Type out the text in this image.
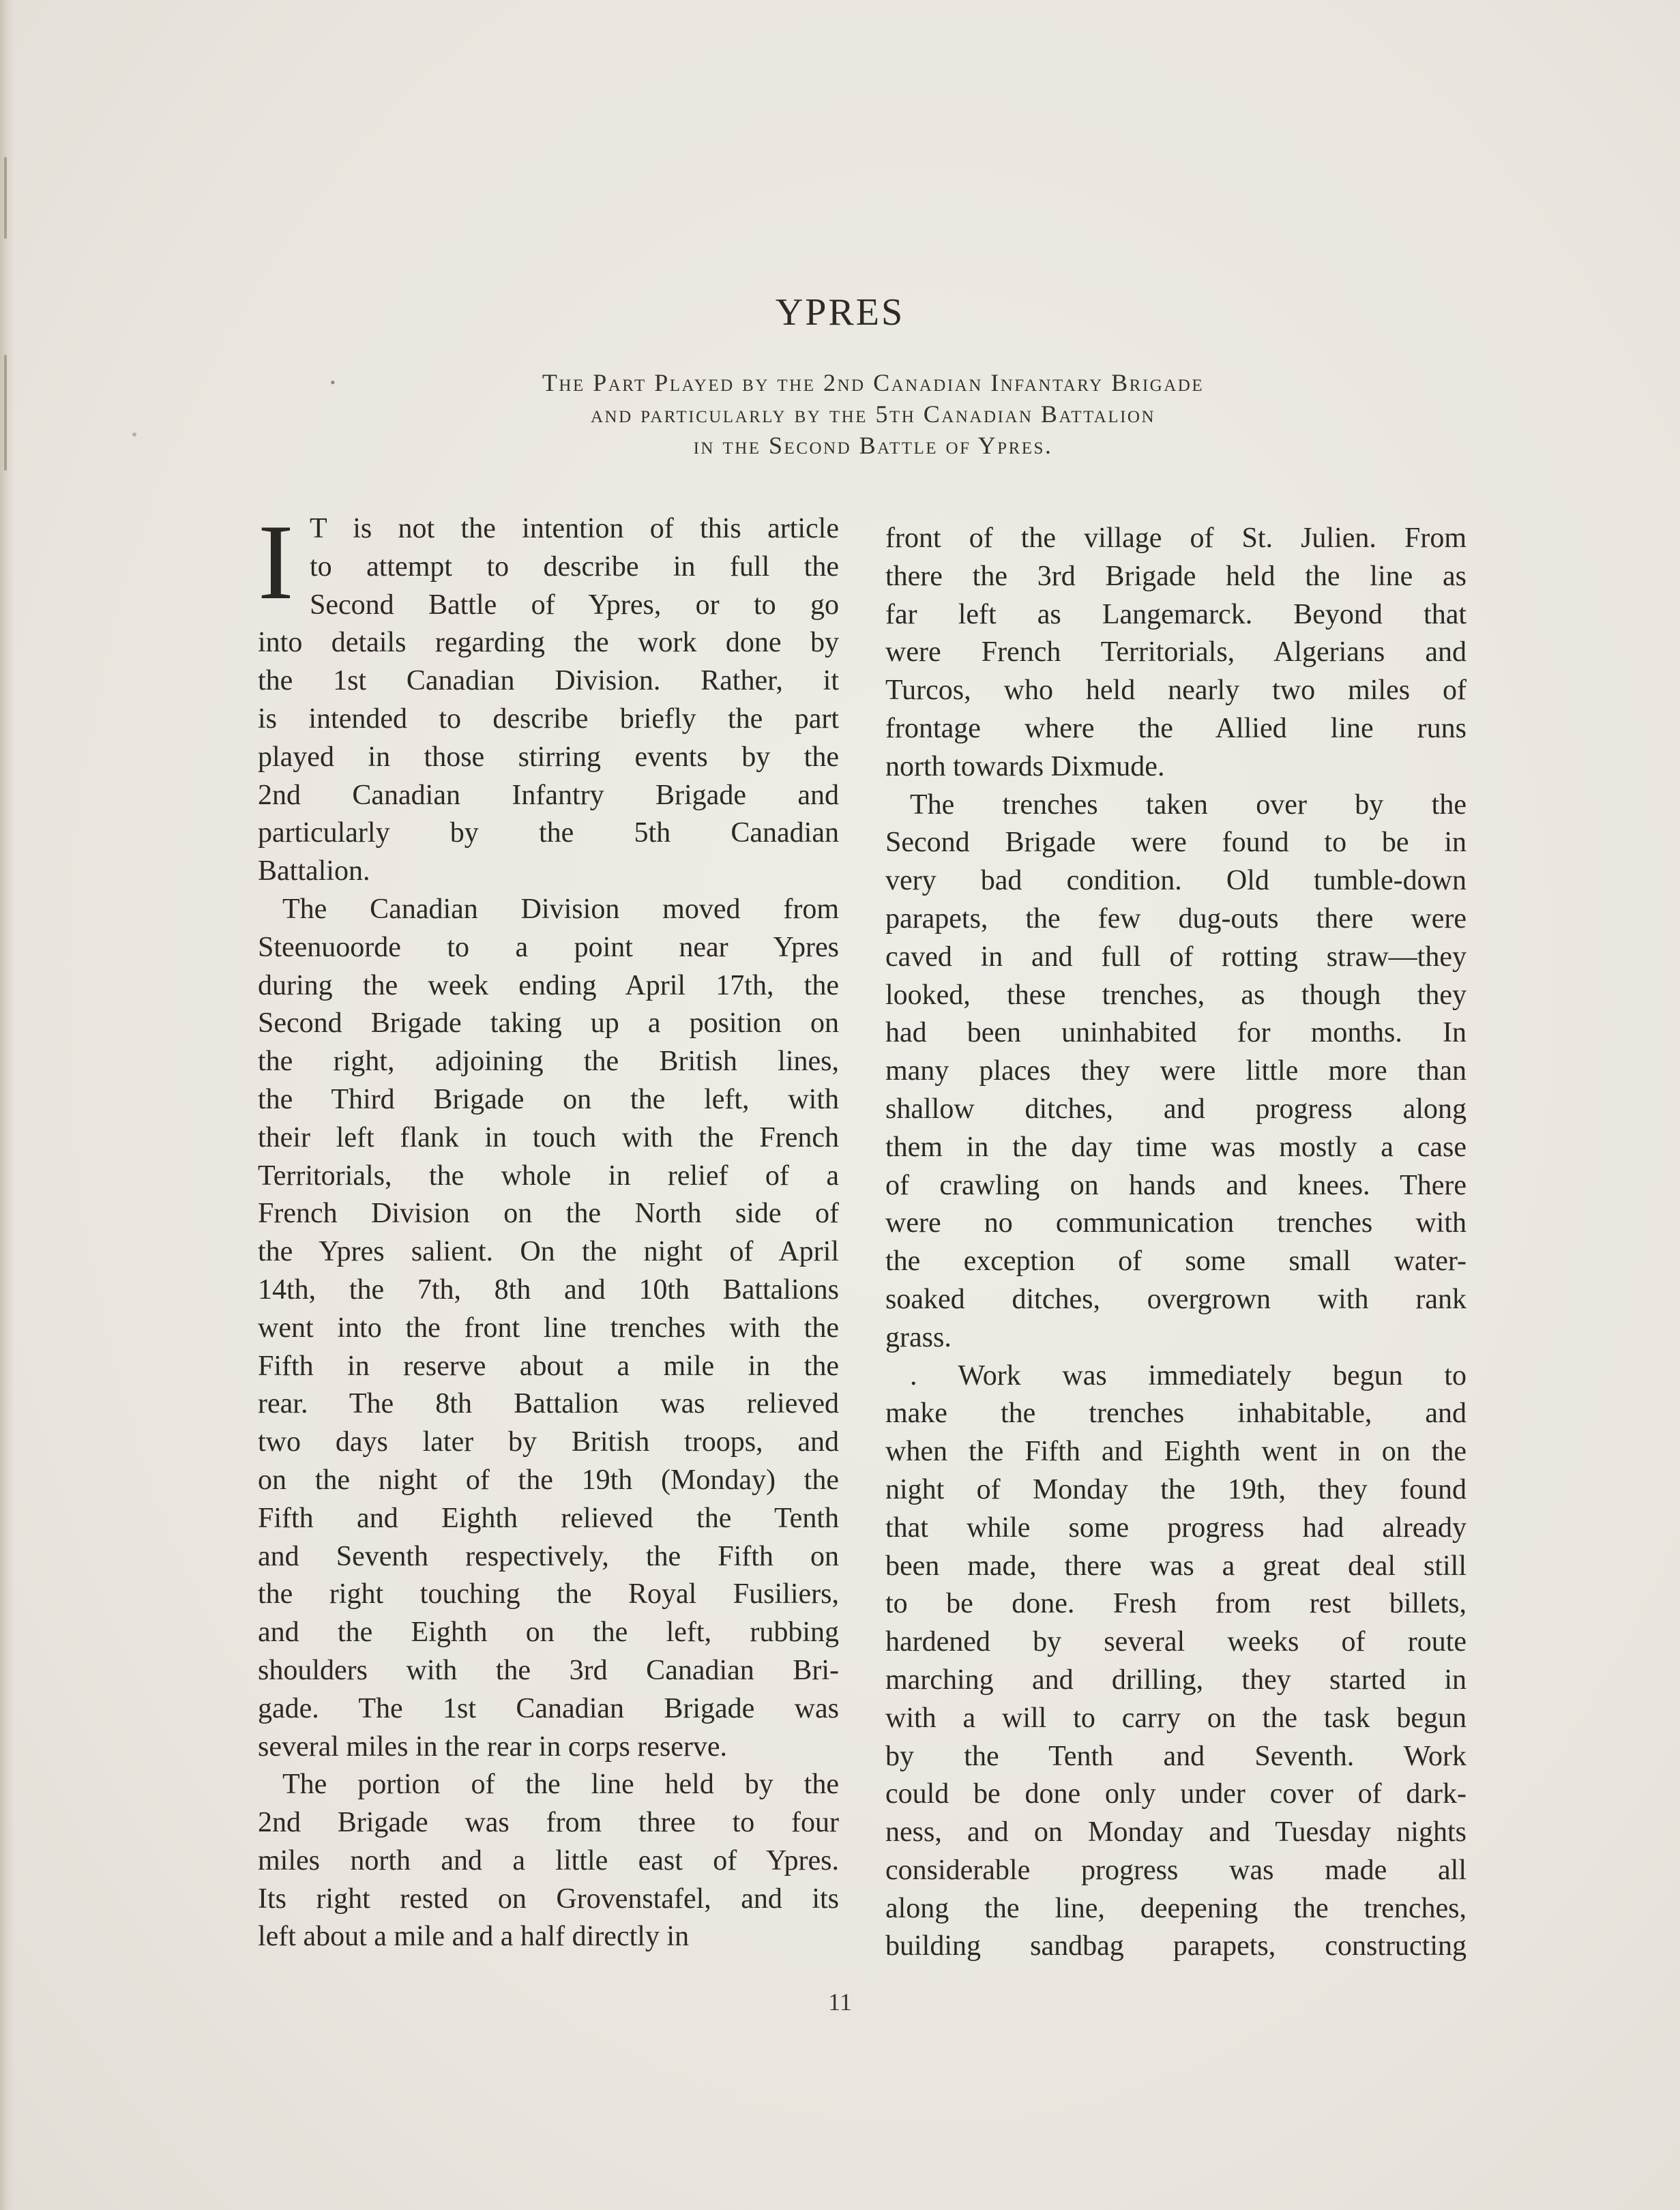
YPRES
•	The Part Played by the 2nd Canadian Infantary Brigade
and particularly by the 5th Canadian Battalion
in the Second Battle of Ypres.
I T is not the intention of this article
to attempt to describe in full the
Second Battle of Ypres, or to go
into details regarding the work done by
the 1st Canadian Division. Rather, it
is intended to describe briefly the part
played in those stirring events by the
2nd Canadian Infantry Brigade and
particularly by the 5th Canadian
Battalion.
The Canadian Division moved from
Steenuoorde to a point near Ypres
during the week ending April 17th, the
Second Brigade taking up a position on
the right, adjoining the British lines,
the Third Brigade on the left, with
their left flank in touch with the French
Territorials, the whole in relief of a
French Division on the North side of
the Ypres salient. On the night of April
14th, the 7th, 8th and 10th Battalions
went into the front line trenches with the
Fifth in reserve about a mile in the
rear. The 8th Battalion was relieved
two days later by British troops, and
on the night of the 19th (Monday) the
Fifth and Eighth relieved the Tenth
and Seventh respectively, the Fifth on
the right touching the Royal Fusiliers,
and the Eighth on the left, rubbing
shoulders with the 3rd Canadian Bri-
gade. The 1st Canadian Brigade was
several miles in the rear in corps reserve.
The portion of the line held by the
2nd Brigade was from three to four
miles north and a little east of Ypres.
Its right rested on Grovenstafel, and its
left about a mile and a half directly in
front of the village of St. Julien. From
there the 3rd Brigade held the line as
far left as Langemarck. Beyond that
were French Territorials, Algerians and
Turcos, who held nearly two miles of
frontage where the Allied line runs
north towards Dixmude.
The trenches taken over by the
Second Brigade were found to be in
very bad condition. Old tumble-down
parapets, the few dug-outs there were
caved in and full of rotting straw—they
looked, these trenches, as though they
had been uninhabited for months. In
many places they were little more than
shallow ditches, and progress along
them in the day time was mostly a case
of crawling on hands and knees. There
were no communication trenches with
the exception of some small water-
soaked ditches, overgrown with rank
grass.
. Work was immediately begun to
make the trenches inhabitable, and
when the Fifth and Eighth went in on the
night of Monday the 19th, they found
that while some progress had already
been made, there was a great deal still
to be done. Fresh from rest billets,
hardened by several weeks of route
marching and drilling, they started in
with a will to carry on the task begun
by the Tenth and Seventh. Work
could be done only under cover of dark-
ness, and on Monday and Tuesday nights
considerable progress was made all
along the line, deepening the trenches,
building sandbag parapets, constructing
11
